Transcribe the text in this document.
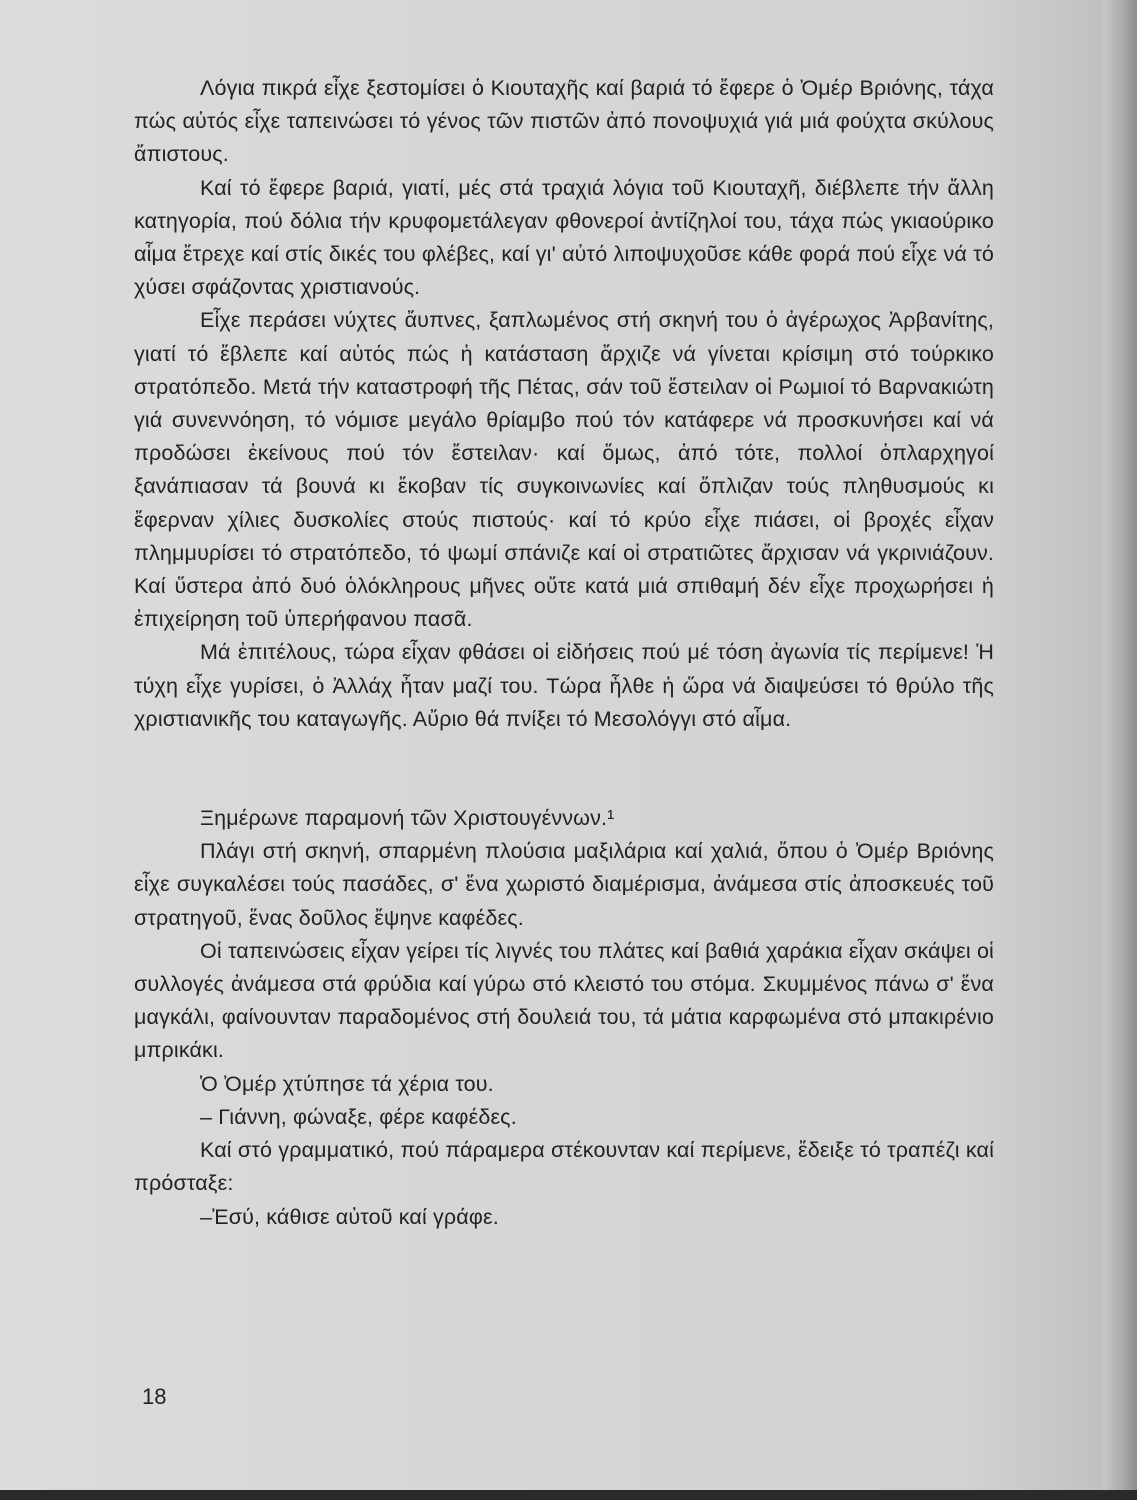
Λόγια πικρά εἶχε ξεστομίσει ὁ Κιουταχῆς καί βαριά τό ἔφερε ὁ Ὀμέρ Βριόνης, τάχα πώς αὐτός εἶχε ταπεινώσει τό γένος τῶν πιστῶν ἀπό πονοψυχιά γιά μιά φούχτα σκύλους ἄπιστους.

Καί τό ἔφερε βαριά, γιατί, μές στά τραχιά λόγια τοῦ Κιουταχῆ, διέβλεπε τήν ἄλλη κατηγορία, πού δόλια τήν κρυφομετάλεγαν φθονεροί ἀντίζηλοί του, τάχα πώς γκιαούρικο αἷμα ἔτρεχε καί στίς δικές του φλέβες, καί γι' αὐτό λιποψυχοῦσε κάθε φορά πού εἶχε νά τό χύσει σφάζοντας χριστιανούς.

Εἶχε περάσει νύχτες ἄυπνες, ξαπλωμένος στή σκηνή του ὁ ἀγέρωχος Ἀρβανίτης, γιατί τό ἔβλεπε καί αὐτός πώς ἡ κατάσταση ἄρχιζε νά γίνεται κρίσιμη στό τούρκικο στρατόπεδο. Μετά τήν καταστροφή τῆς Πέτας, σάν τοῦ ἔστειλαν οἱ Ρωμιοί τό Βαρνακιώτη γιά συνεννόηση, τό νόμισε μεγάλο θρίαμβο πού τόν κατάφερε νά προσκυνήσει καί νά προδώσει ἐκείνους πού τόν ἔστειλαν· καί ὅμως, ἀπό τότε, πολλοί ὁπλαρχηγοί ξανάπιασαν τά βουνά κι ἔκοβαν τίς συγκοινωνίες καί ὅπλιζαν τούς πληθυσμούς κι ἔφερναν χίλιες δυσκολίες στούς πιστούς· καί τό κρύο εἶχε πιάσει, οἱ βροχές εἶχαν πλημμυρίσει τό στρατόπεδο, τό ψωμί σπάνιζε καί οἱ στρατιῶτες ἄρχισαν νά γκρινιάζουν. Καί ὕστερα ἀπό δυό ὁλόκληρους μῆνες οὔτε κατά μιά σπιθαμή δέν εἶχε προχωρήσει ἡ ἐπιχείρηση τοῦ ὑπερήφανου πασᾶ.

Μά ἐπιτέλους, τώρα εἶχαν φθάσει οἱ εἰδήσεις πού μέ τόση ἀγωνία τίς περίμενε! Ἡ τύχη εἶχε γυρίσει, ὁ Ἀλλάχ ἦταν μαζί του. Τώρα ἦλθε ἡ ὥρα νά διαψεύσει τό θρύλο τῆς χριστιανικῆς του καταγωγῆς. Αὔριο θά πνίξει τό Μεσολόγγι στό αἷμα.

Ξημέρωνε παραμονή τῶν Χριστουγέννων.¹

Πλάγι στή σκηνή, σπαρμένη πλούσια μαξιλάρια καί χαλιά, ὅπου ὁ Ὀμέρ Βριόνης εἶχε συγκαλέσει τούς πασάδες, σ' ἕνα χωριστό διαμέρισμα, ἀνάμεσα στίς ἀποσκευές τοῦ στρατηγοῦ, ἕνας δοῦλος ἔψηνε καφέδες.

Οἱ ταπεινώσεις εἶχαν γείρει τίς λιγνές του πλάτες καί βαθιά χαράκια εἶχαν σκάψει οἱ συλλογές ἀνάμεσα στά φρύδια καί γύρω στό κλειστό του στόμα. Σκυμμένος πάνω σ' ἕνα μαγκάλι, φαίνουνταν παραδομένος στή δουλειά του, τά μάτια καρφωμένα στό μπακιρένιο μπρικάκι.

Ὁ Ὀμέρ χτύπησε τά χέρια του.

– Γιάννη, φώναξε, φέρε καφέδες.

Καί στό γραμματικό, πού πάραμερα στέκουνταν καί περίμενε, ἔδειξε τό τραπέζι καί πρόσταξε:

–Ἐσύ, κάθισε αὐτοῦ καί γράφε.

18
